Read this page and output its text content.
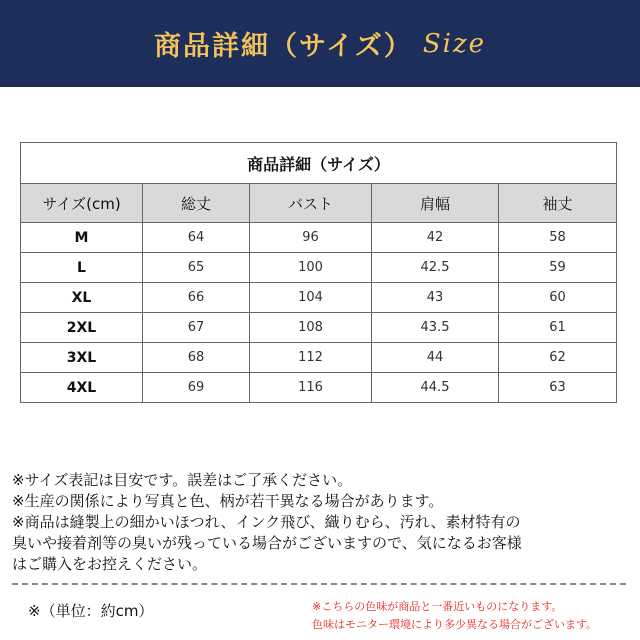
商品詳細（サイズ） Size
商品詳細（サイズ）				
サイズ(cm)	総丈	バスト	肩幅	袖丈
M	64	96	42	58
L	65	100	42.5	59
XL	66	104	43	60
2XL	67	108	43.5	61
3XL	68	112	44	62
4XL	69	116	44.5	63

※サイズ表記は目安です。誤差はご了承ください。

※生産の関係により写真と色、柄が若干異なる場合があります。

※商品は縫製上の細かいほつれ、インク飛び、織りむら、汚れ、素材特有の

臭いや接着剤等の臭いが残っている場合がございますので、気になるお客様

はご購入をお控えください。

※（単位：約cm）	※こちらの色味が商品と一番近いものになります。

色味はモニター環境により多少異なる場合がございます。
